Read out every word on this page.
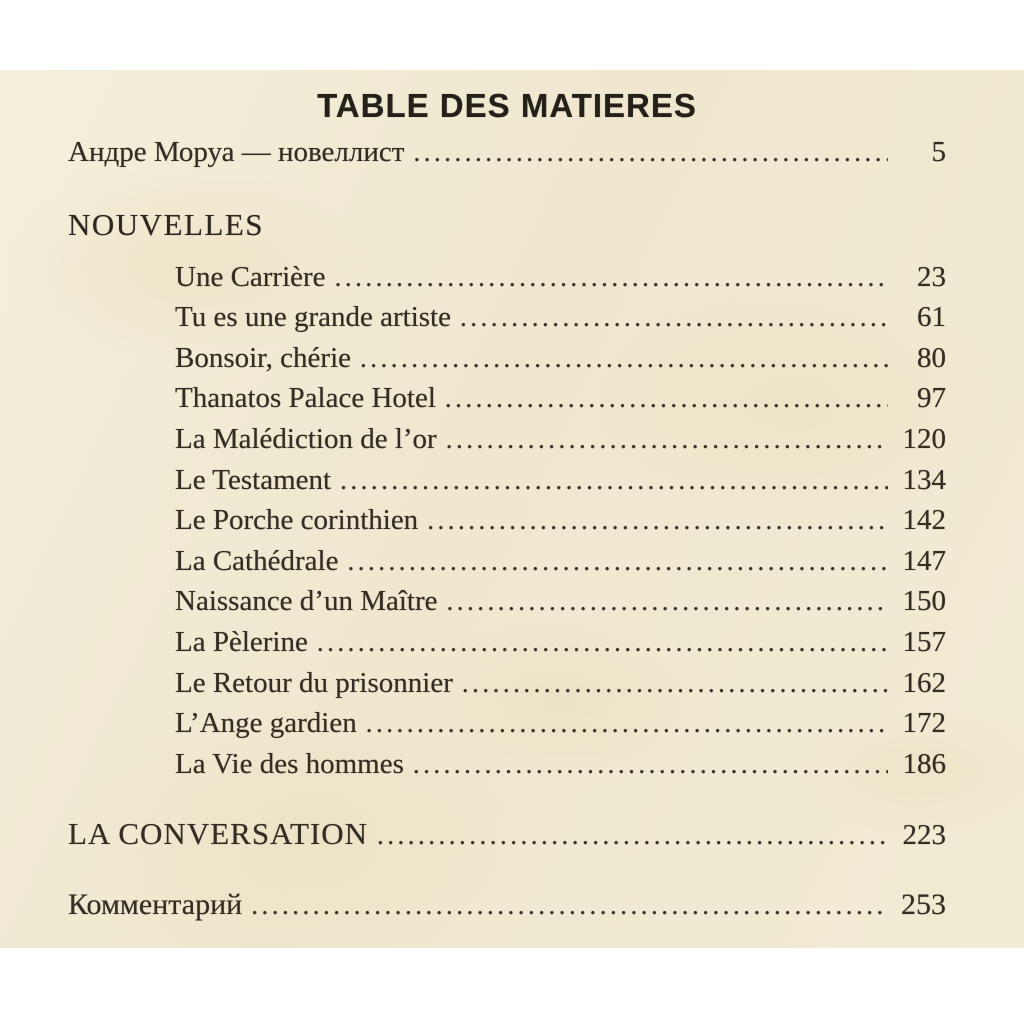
TABLE DES MATIERES
Андре Моруа — новеллист .....	5
NOUVELLES
Une Carrière .....	23
Tu es une grande artiste .....	61
Bonsoir, chérie .....	80
Thanatos Palace Hotel .....	97
La Malédiction de l’or .....	120
Le Testament .....	134
Le Porche corinthien .....	142
La Cathédrale .....	147
Naissance d’un Maître .....	150
La Pèlerine .....	157
Le Retour du prisonnier .....	162
L’Ange gardien .....	172
La Vie des hommes .....	186
LA CONVERSATION .....	223
Комментарий .....	253
